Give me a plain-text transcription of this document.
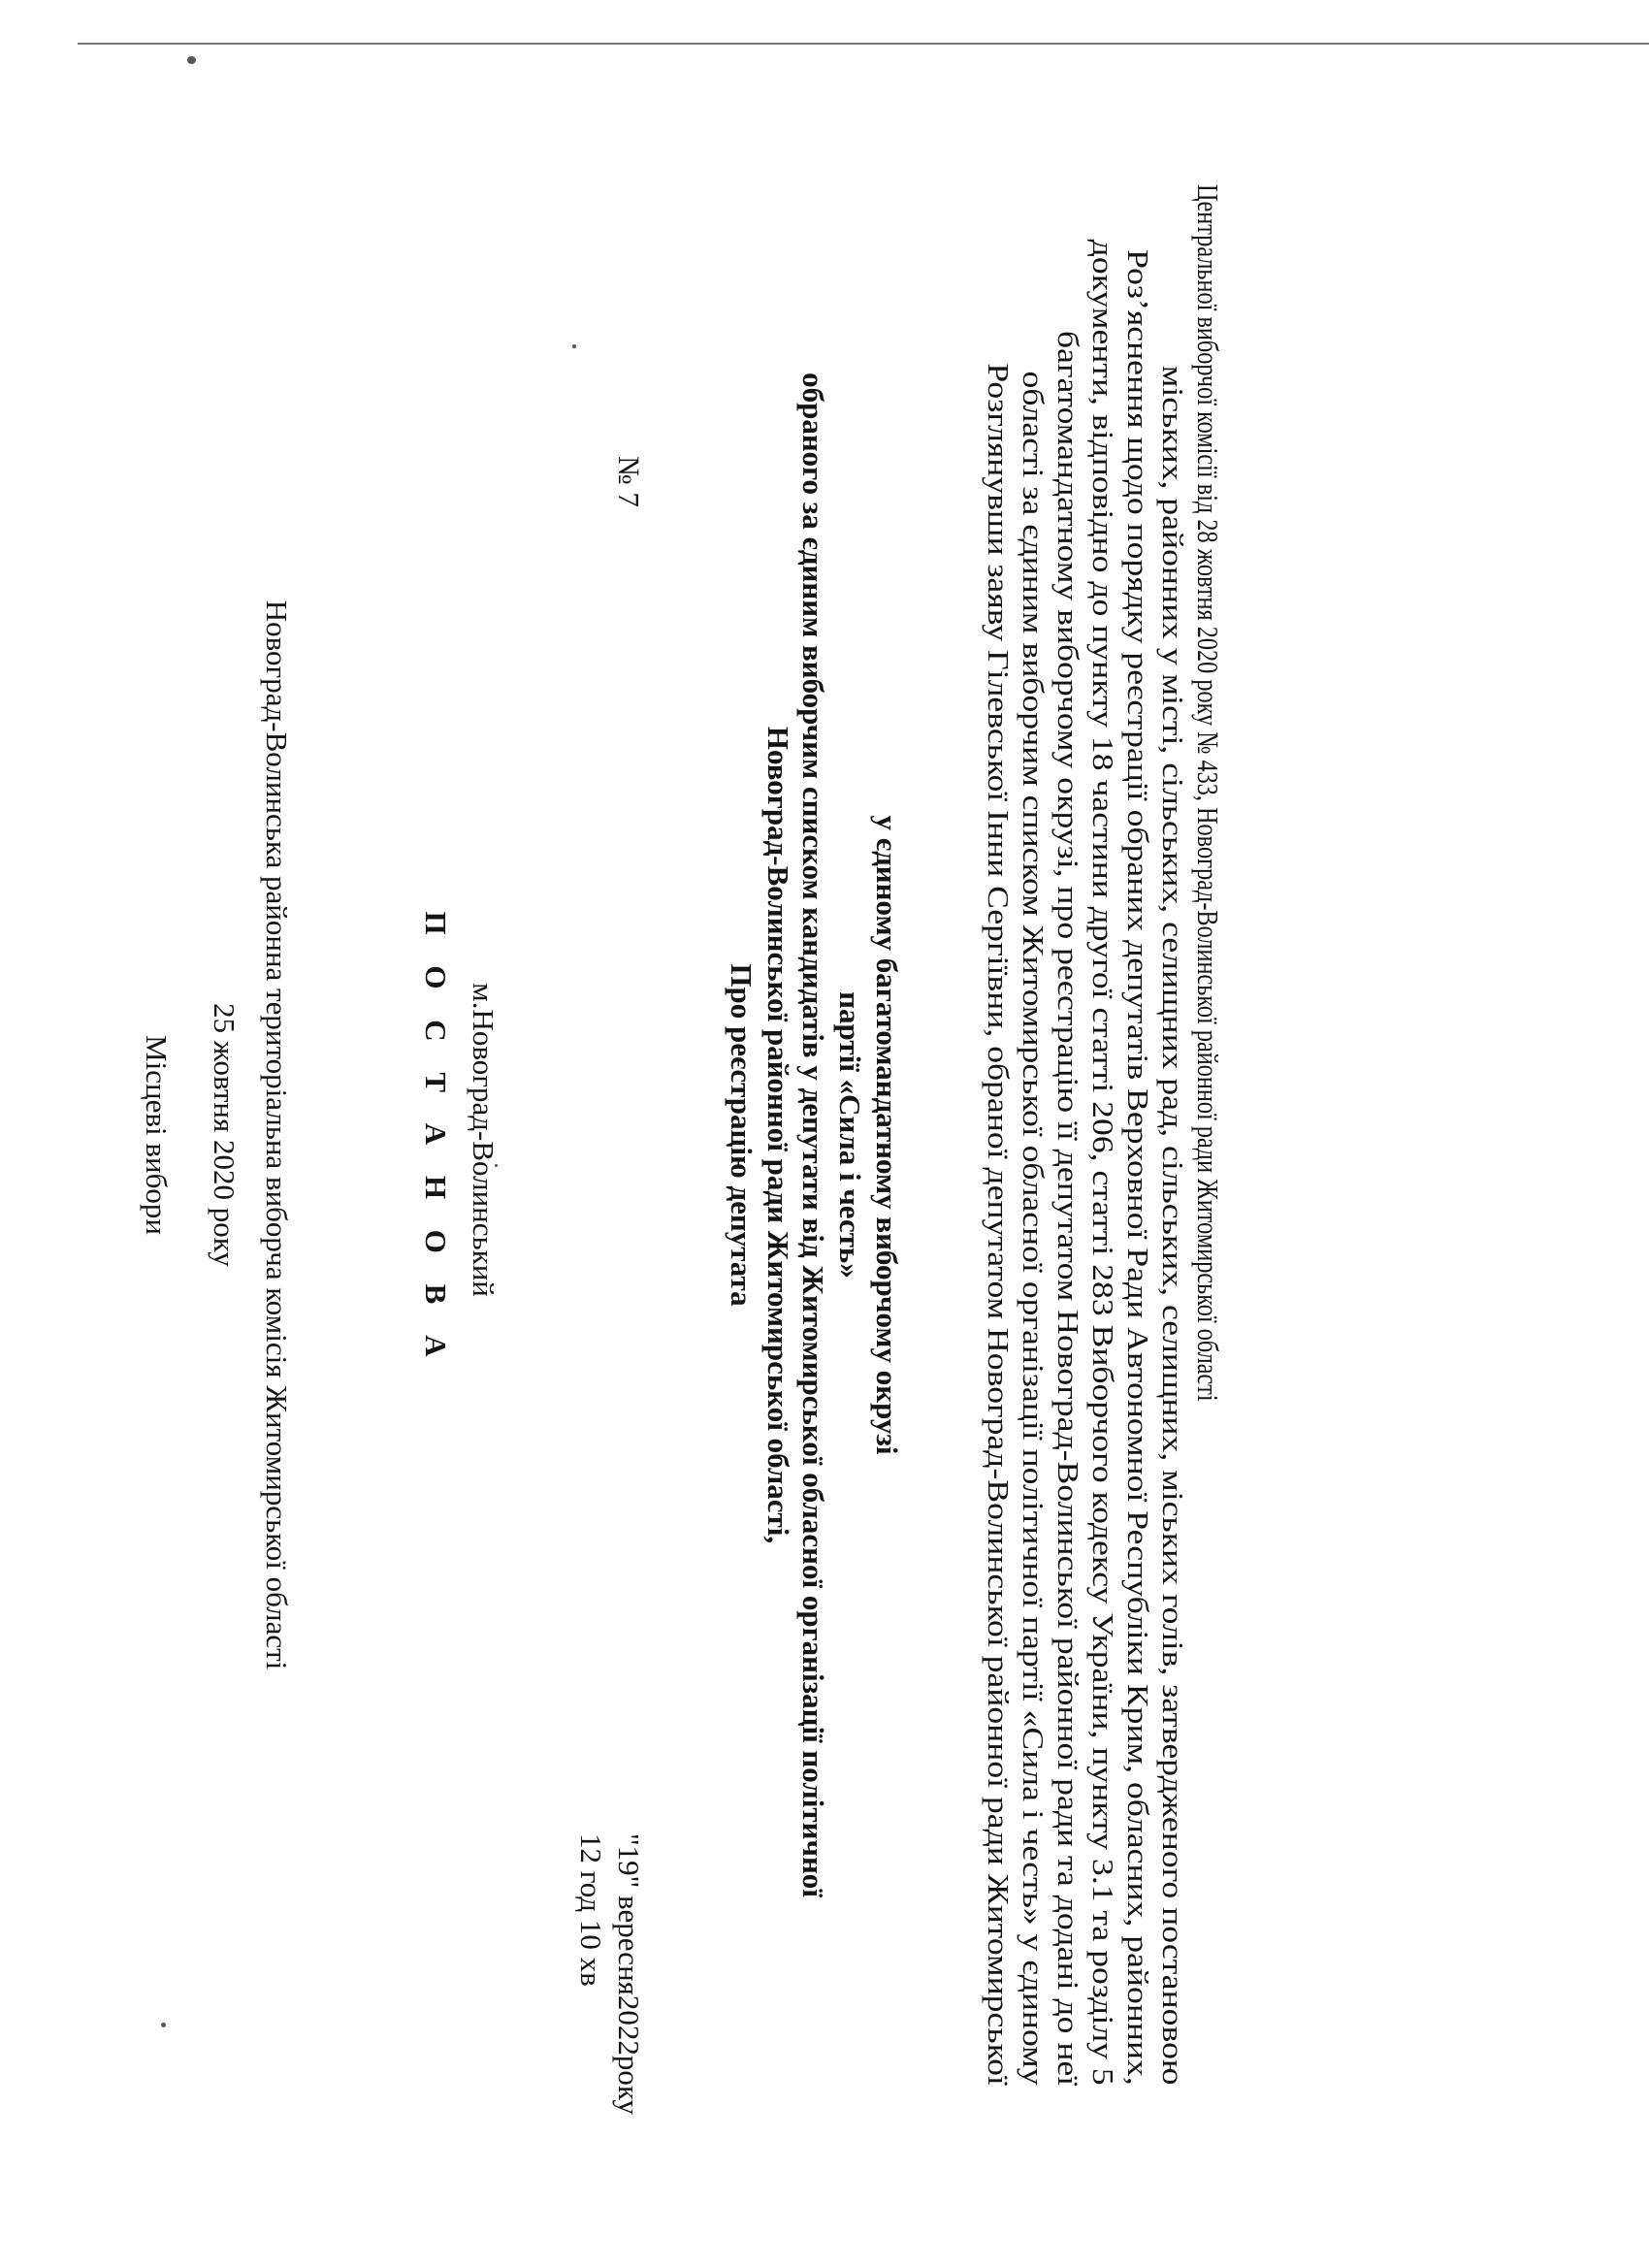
Місцеві вибори 25 жовтня 2020 року Новоград-Волинська районна територіальна виборча комісія Житомирської області	П О С Т А Н О В А м.Новоград-Волинський
12 год 10 хв "19" вересня2022року
№ 7
Про реєстрацію депутата Новоград-Волинської районної ради Житомирської області, обраного за єдиним виборчим списком кандидатів у депутати від Житомирської обласної організації політичної партії «Сила і честь» у єдиному багатомандатному виборчому окрузі	Розглянувши заяву Гілевської Інни Сергіївни, обраної депутатом Новоград-Волинської районної ради Житомирської області за єдиним виборчим списком Житомирської обласної організації політичної партії «Сила і честь» у єдиному багатомандатному виборчому окрузі, про реєстрацію її депутатом Новоград-Волинської районної ради та додані до неї документи, відповідно до пункту 18 частини другої статті 206, статті 283 Виборчого кодексу України, пункту 3.1 та розділу 5 Роз’яснення щодо порядку реєстрації обраних депутатів Верховної Ради Автономної Республіки Крим, обласних, районних, міських, районних у місті, сільських, селищних рад, сільських, селищних, міських голів, затвердженого постановою Центральної виборчої комісії від 28 жовтня 2020 року № 433, Новоград-Волинської районної ради Житомирської області
